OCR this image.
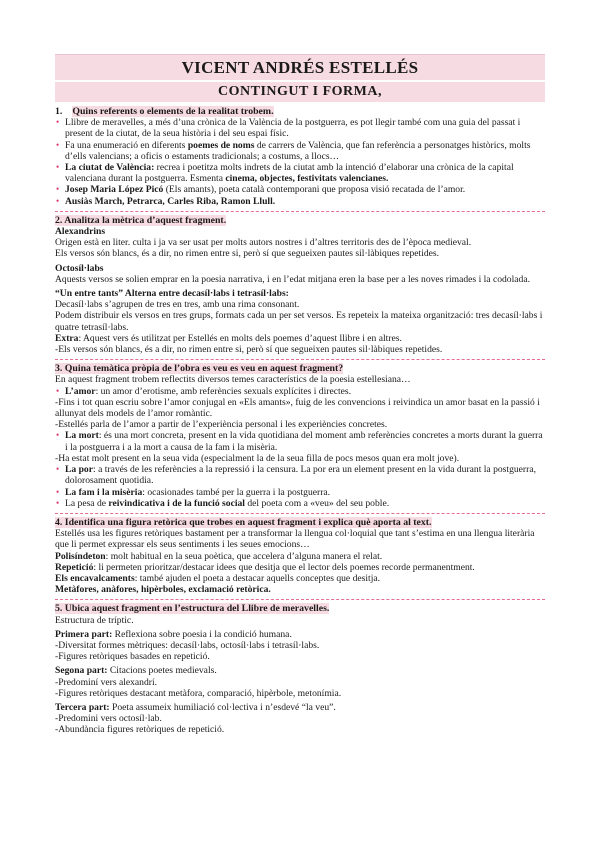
VICENT ANDRÉS ESTELLÉS
CONTINGUT I FORMA,
1. Quins referents o elements de la realitat trobem.
• Llibre de meravelles, a més d’una crònica de la València de la postguerra, es pot llegir també com una guia del passat i present de la ciutat, de la seua història i del seu espai físic.
• Fa una enumeració en diferents poemes de noms de carrers de València, que fan referència a personatges històrics, molts d’ells valencians; a oficis o estaments tradicionals; a costums, a llocs…
• La ciutat de València: recrea i poetitza molts indrets de la ciutat amb la intenció d’elaborar una crònica de la capital valenciana durant la postguerra. Esmenta cinema, objectes, festivitats valencianes.
• Josep Maria López Picó (Els amants), poeta català contemporani que proposa visió recatada de l’amor.
• Ausiàs March, Petrarca, Carles Riba, Ramon Llull.
2. Analitza la mètrica d’aquest fragment.

Alexandrins

Origen està en liter. culta i ja va ser usat per molts autors nostres i d’altres territoris des de l’època medieval.

Els versos són blancs, és a dir, no rimen entre si, però sí que segueixen pautes sil·làbiques repetides.

Octosíl·labs

Aquests versos se solien emprar en la poesia narrativa, i en l’edat mitjana eren la base per a les noves rimades i la codolada.

“Un entre tants” Alterna entre decasíl·labs i tetrasíl·labs:

Decasíl·labs s’agrupen de tres en tres, amb una rima consonant.

Podem distribuir els versos en tres grups, formats cada un per set versos. Es repeteix la mateixa organització: tres decasíl·labs i quatre tetrasíl·labs.

Extra: Aquest vers és utilitzat per Estellés en molts dels poemes d’aquest llibre i en altres.

-Els versos són blancs, és a dir, no rimen entre si, però sí que segueixen pautes sil·làbiques repetides.

3. Quina temàtica pròpia de l’obra es veu es veu en aquest fragment?

En aquest fragment trobem reflectits diversos temes característics de la poesia estellesiana…

• L’amor: un amor d’erotisme, amb referències sexuals explícites i directes.

-Fins i tot quan escriu sobre l’amor conjugal en «Els amants», fuig de les convencions i reivindica un amor basat en la passió i allunyat dels models de l’amor romàntic.

-Estellés parla de l’amor a partir de l’experiència personal i les experiències concretes.

• La mort: és una mort concreta, present en la vida quotidiana del moment amb referències concretes a morts durant la guerra i la postguerra i a la mort a causa de la fam i la misèria.

-Ha estat molt present en la seua vida (especialment la de la seua filla de pocs mesos quan era molt jove).

• La por: a través de les referències a la repressió i la censura. La por era un element present en la vida durant la postguerra, dolorosament quotidia.
• La fam i la misèria: ocasionades també per la guerra i la postguerra.
• La pesa de reivindicativa i de la funció social del poeta com a «veu» del seu poble.
4. Identifica una figura retòrica que trobes en aquest fragment i explica què aporta al text.

Estellés usa les figures retòriques bastament per a transformar la llengua col·loquial que tant s’estima en una llengua literària que li permet expressar els seus sentiments i les seues emocions…

Polisíndeton: molt habitual en la seua poètica, que accelera d’alguna manera el relat.

Repetició: li permeten prioritzar/destacar idees que desitja que el lector dels poemes recorde permanentment.

Els encavalcaments: també ajuden el poeta a destacar aquells conceptes que desitja.

Metàfores, anàfores, hipèrboles, exclamació retòrica.

5. Ubica aquest fragment en l’estructura del Llibre de meravelles.

Estructura de tríptic.

Primera part: Reflexiona sobre poesia i la condició humana.

-Diversitat formes mètriques: decasíl·labs, octosíl·labs i tetrasíl·labs.

-Figures retòriques basades en repetició.

Segona part: Citacions poetes medievals.

-Predominí vers alexandrí.

-Figures retòriques destacant metàfora, comparació, hipèrbole, metonímia.

Tercera part: Poeta assumeix humiliació col·lectiva i n’esdevé “la veu”.

-Predomini vers octosíl·lab.

-Abundància figures retòriques de repetició.
